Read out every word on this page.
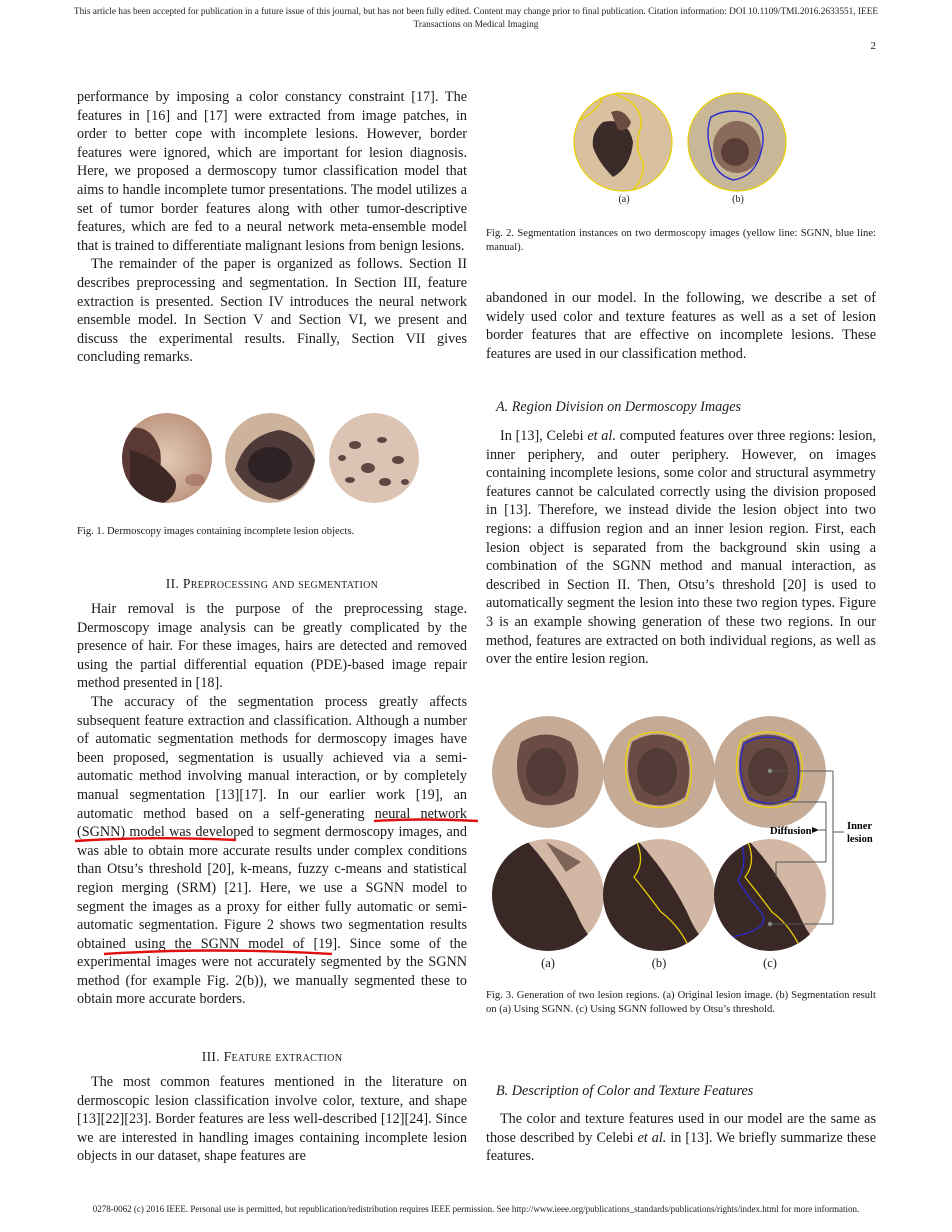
This article has been accepted for publication in a future issue of this journal, but has not been fully edited. Content may change prior to final publication. Citation information: DOI 10.1109/TMI.2016.2633551, IEEE
Transactions on Medical Imaging
2

performance by imposing a color constancy constraint [17]. The features in [16] and [17] were extracted from image patches, in order to better cope with incomplete lesions. However, border features were ignored, which are important for lesion diagnosis. Here, we proposed a dermoscopy tumor classification model that aims to handle incomplete tumor presentations. The model utilizes a set of tumor border features along with other tumor-descriptive features, which are fed to a neural network meta-ensemble model that is trained to differentiate malignant lesions from benign lesions.

The remainder of the paper is organized as follows. Section II describes preprocessing and segmentation. In Section III, feature extraction is presented. Section IV introduces the neural network ensemble model. In Section V and Section VI, we present and discuss the experimental results. Finally, Section VII gives concluding remarks.

Fig. 1. Dermoscopy images containing incomplete lesion objects.
II. Preprocessing and segmentation

Hair removal is the purpose of the preprocessing stage. Dermoscopy image analysis can be greatly complicated by the presence of hair. For these images, hairs are detected and removed using the partial differential equation (PDE)-based image repair method presented in [18].

The accuracy of the segmentation process greatly affects subsequent feature extraction and classification. Although a number of automatic segmentation methods for dermoscopy images have been proposed, segmentation is usually achieved via a semi-automatic method involving manual interaction, or by completely manual segmentation [13][17]. In our earlier work [19], an automatic method based on a self-generating neural network (SGNN) model was developed to segment dermoscopy images, and was able to obtain more accurate results under complex conditions than Otsu’s threshold [20], k-means, fuzzy c-means and statistical region merging (SRM) [21]. Here, we use a SGNN model to segment the images as a proxy for either fully automatic or semi-automatic segmentation. Figure 2 shows two segmentation results obtained using the SGNN model of [19]. Since some of the experimental images were not accurately segmented by the SGNN method (for example Fig. 2(b)), we manually segmented these to obtain more accurate borders.

III. Feature extraction

The most common features mentioned in the literature on dermoscopic lesion classification involve color, texture, and shape [13][22][23]. Border features are less well-described [12][24]. Since we are interested in handling images containing incomplete lesion objects in our dataset, shape features are

(a)	(b)
Fig. 2. Segmentation instances on two dermoscopy images (yellow line: SGNN, blue line: manual).

abandoned in our model. In the following, we describe a set of widely used color and texture features as well as a set of lesion border features that are effective on incomplete lesions. These features are used in our classification method.

A. Region Division on Dermoscopy Images

In [13], Celebi et al. computed features over three regions: lesion, inner periphery, and outer periphery. However, on images containing incomplete lesions, some color and structural asymmetry features cannot be calculated correctly using the division proposed in [13]. Therefore, we instead divide the lesion object into two regions: a diffusion region and an inner lesion region. First, each lesion object is separated from the background skin using a combination of the SGNN method and manual interaction, as described in Section II. Then, Otsu’s threshold [20] is used to automatically segment the lesion into these two region types. Figure 3 is an example showing generation of these two regions. In our method, features are extracted on both individual regions, as well as over the entire lesion region.

Diffusion	Inner
lesion
(a)	(b)	(c)
Fig. 3. Generation of two lesion regions. (a) Original lesion image. (b) Segmentation result on (a) Using SGNN. (c) Using SGNN followed by Otsu’s threshold.
B. Description of Color and Texture Features

The color and texture features used in our model are the same as those described by Celebi et al. in [13]. We briefly summarize these features.

0278-0062 (c) 2016 IEEE. Personal use is permitted, but republication/redistribution requires IEEE permission. See http://www.ieee.org/publications_standards/publications/rights/index.html for more information.
